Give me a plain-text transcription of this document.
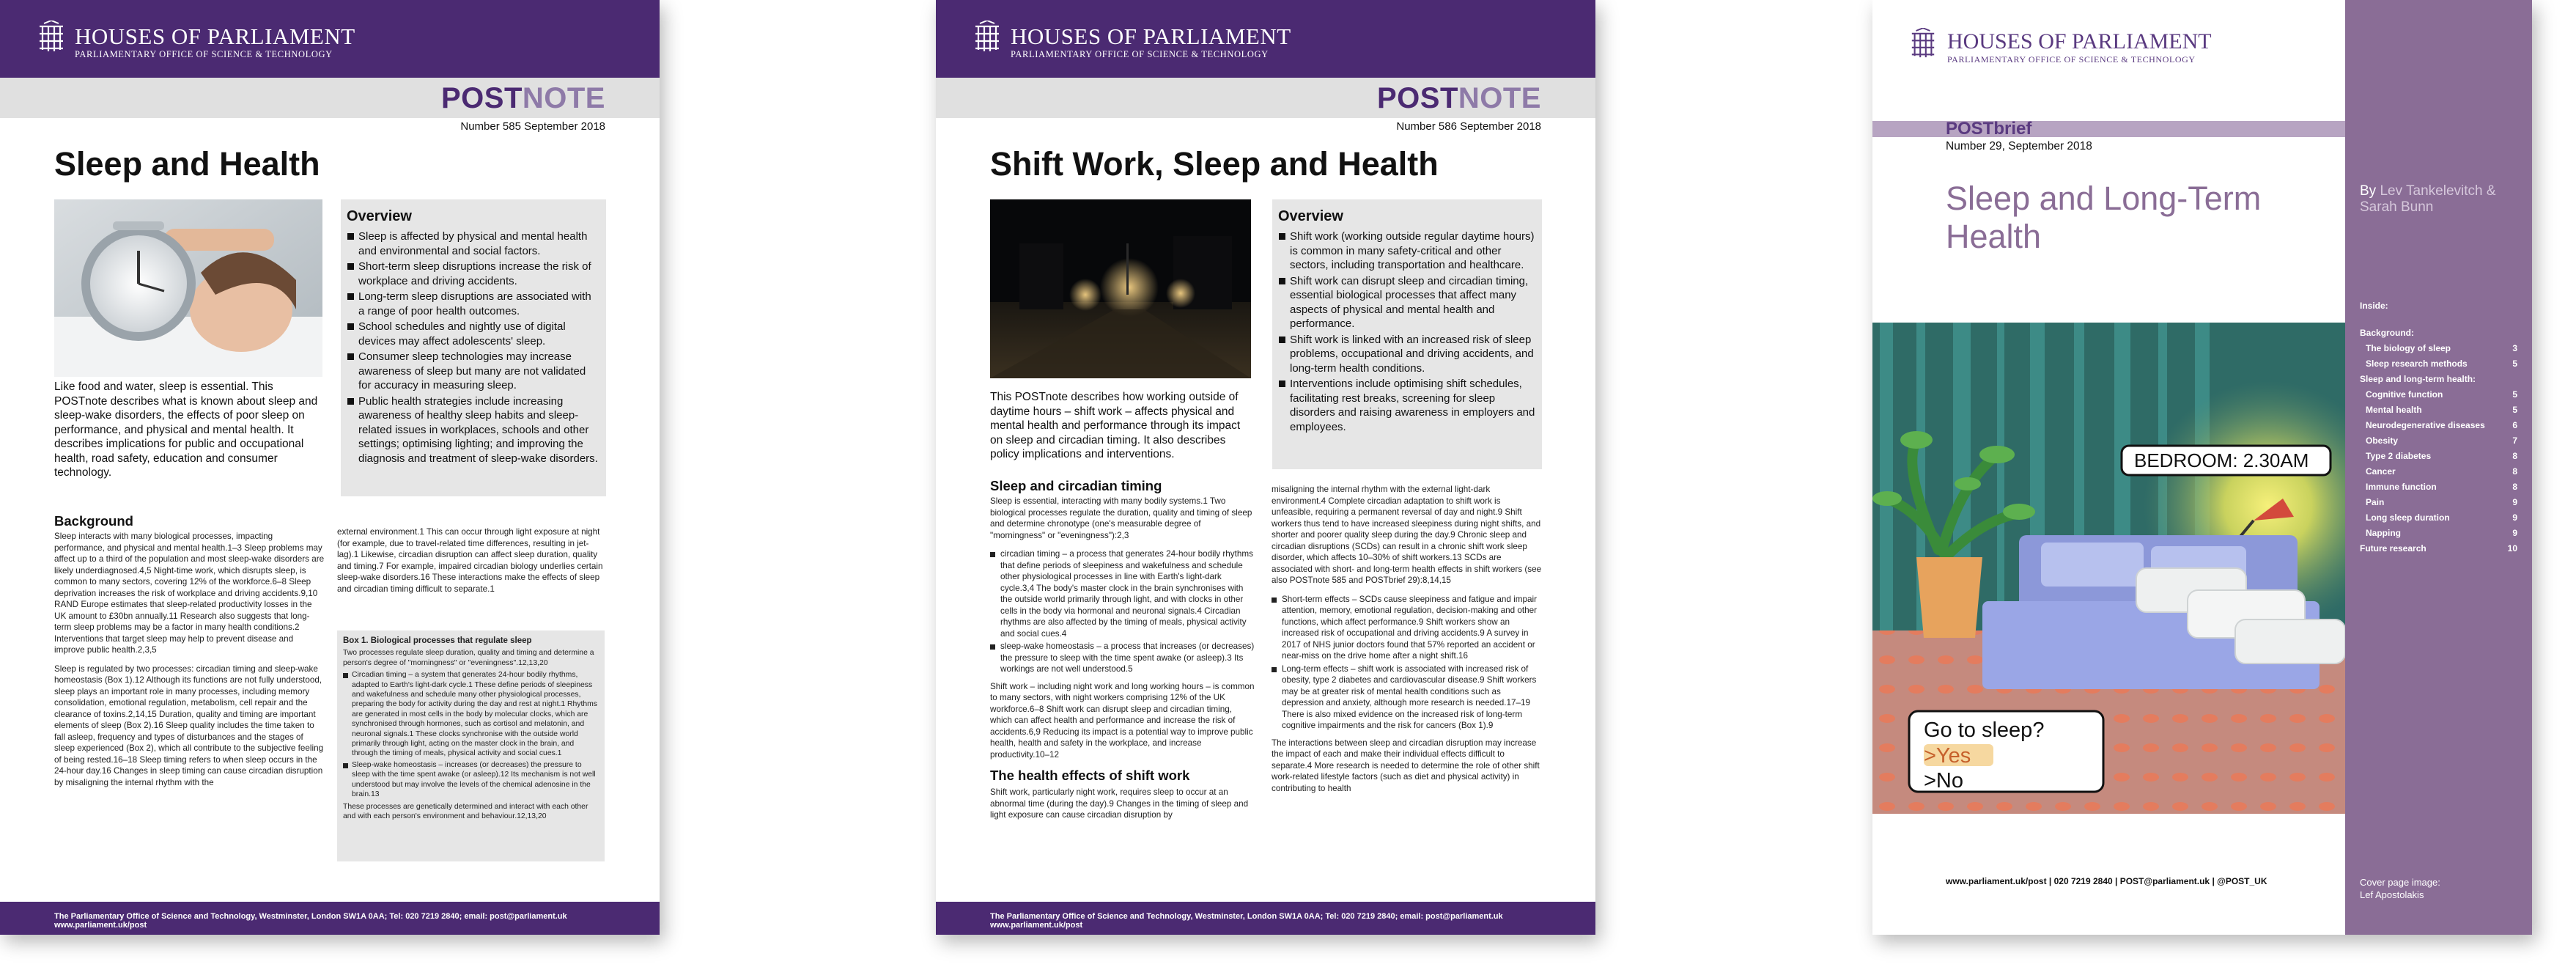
HOUSES OF PARLIAMENT
PARLIAMENTARY OFFICE OF SCIENCE & TECHNOLOGY
POSTNOTE
Number 585 September 2018
Sleep and Health
Overview
Sleep is affected by physical and mental health and environmental and social factors.
Short-term sleep disruptions increase the risk of workplace and driving accidents.
Long-term sleep disruptions are associated with a range of poor health outcomes.
School schedules and nightly use of digital devices may affect adolescents' sleep.
Consumer sleep technologies may increase awareness of sleep but many are not validated for accuracy in measuring sleep.
Public health strategies include increasing awareness of healthy sleep habits and sleep-related issues in workplaces, schools and other settings; optimising lighting; and improving the diagnosis and treatment of sleep-wake disorders.
Like food and water, sleep is essential. This POSTnote describes what is known about sleep and sleep-wake disorders, the effects of poor sleep on performance, and physical and mental health. It describes implications for public and occupational health, road safety, education and consumer technology.
Background

Sleep interacts with many biological processes, impacting performance, and physical and mental health.1–3 Sleep problems may affect up to a third of the population and most sleep-wake disorders are likely underdiagnosed.4,5 Night-time work, which disrupts sleep, is common to many sectors, covering 12% of the workforce.6–8 Sleep deprivation increases the risk of workplace and driving accidents.9,10 RAND Europe estimates that sleep-related productivity losses in the UK amount to £30bn annually.11 Research also suggests that long-term sleep problems may be a factor in many health conditions.2 Interventions that target sleep may help to prevent disease and improve public health.2,3,5

Sleep is regulated by two processes: circadian timing and sleep-wake homeostasis (Box 1).12 Although its functions are not fully understood, sleep plays an important role in many processes, including memory consolidation, emotional regulation, metabolism, cell repair and the clearance of toxins.2,14,15 Duration, quality and timing are important elements of sleep (Box 2).16 Sleep quality includes the time taken to fall asleep, frequency and types of disturbances and the stages of sleep experienced (Box 2), which all contribute to the subjective feeling of being rested.16–18 Sleep timing refers to when sleep occurs in the 24-hour day.16 Changes in sleep timing can cause circadian disruption by misaligning the internal rhythm with the

external environment.1 This can occur through light exposure at night (for example, due to travel-related time differences, resulting in jet-lag).1 Likewise, circadian disruption can affect sleep duration, quality and timing.7 For example, impaired circadian biology underlies certain sleep-wake disorders.16 These interactions make the effects of sleep and circadian timing difficult to separate.1

Box 1. Biological processes that regulate sleep
Two processes regulate sleep duration, quality and timing and determine a person's degree of "morningness" or "eveningness".12,13,20
Circadian timing – a system that generates 24-hour bodily rhythms, adapted to Earth's light-dark cycle.1 These define periods of sleepiness and wakefulness and schedule many other physiological processes, preparing the body for activity during the day and rest at night.1 Rhythms are generated in most cells in the body by molecular clocks, which are synchronised through hormones, such as cortisol and melatonin, and neuronal signals.1 These clocks synchronise with the outside world primarily through light, acting on the master clock in the brain, and through the timing of meals, physical activity and social cues.1
Sleep-wake homeostasis – increases (or decreases) the pressure to sleep with the time spent awake (or asleep).12 Its mechanism is not well understood but may involve the levels of the chemical adenosine in the brain.13
These processes are genetically determined and interact with each other and with each person's environment and behaviour.12,13,20
The Parliamentary Office of Science and Technology, Westminster, London SW1A 0AA; Tel: 020 7219 2840; email: post@parliament.uk www.parliament.uk/post
HOUSES OF PARLIAMENT
PARLIAMENTARY OFFICE OF SCIENCE & TECHNOLOGY
POSTNOTE
Number 586 September 2018
Shift Work, Sleep and Health
Overview
Shift work (working outside regular daytime hours) is common in many safety-critical and other sectors, including transportation and healthcare.
Shift work can disrupt sleep and circadian timing, essential biological processes that affect many aspects of physical and mental health and performance.
Shift work is linked with an increased risk of sleep problems, occupational and driving accidents, and long-term health conditions.
Interventions include optimising shift schedules, facilitating rest breaks, screening for sleep disorders and raising awareness in employers and employees.
This POSTnote describes how working outside of daytime hours – shift work – affects physical and mental health and performance through its impact on sleep and circadian timing. It also describes policy implications and interventions.
Sleep and circadian timing

Sleep is essential, interacting with many bodily systems.1 Two biological processes regulate the duration, quality and timing of sleep and determine chronotype (one's measurable degree of "morningness" or "eveningness"):2,3

circadian timing – a process that generates 24-hour bodily rhythms that define periods of sleepiness and wakefulness and schedule other physiological processes in line with Earth's light-dark cycle.3,4 The body's master clock in the brain synchronises with the outside world primarily through light, and with clocks in other cells in the body via hormonal and neuronal signals.4 Circadian rhythms are also affected by the timing of meals, physical activity and social cues.4
sleep-wake homeostasis – a process that increases (or decreases) the pressure to sleep with the time spent awake (or asleep).3 Its workings are not well understood.5

Shift work – including night work and long working hours – is common to many sectors, with night workers comprising 12% of the UK workforce.6–8 Shift work can disrupt sleep and circadian timing, which can affect health and performance and increase the risk of accidents.6,9 Reducing its impact is a potential way to improve public health, health and safety in the workplace, and increase productivity.10–12

The health effects of shift work

Shift work, particularly night work, requires sleep to occur at an abnormal time (during the day).9 Changes in the timing of sleep and light exposure can cause circadian disruption by

misaligning the internal rhythm with the external light-dark environment.4 Complete circadian adaptation to shift work is unfeasible, requiring a permanent reversal of day and night.9 Shift workers thus tend to have increased sleepiness during night shifts, and shorter and poorer quality sleep during the day.9 Chronic sleep and circadian disruptions (SCDs) can result in a chronic shift work sleep disorder, which affects 10–30% of shift workers.13 SCDs are associated with short- and long-term health effects in shift workers (see also POSTnote 585 and POSTbrief 29):8,14,15

Short-term effects – SCDs cause sleepiness and fatigue and impair attention, memory, emotional regulation, decision-making and other functions, which affect performance.9 Shift workers show an increased risk of occupational and driving accidents.9 A survey in 2017 of NHS junior doctors found that 57% reported an accident or near-miss on the drive home after a night shift.16
Long-term effects – shift work is associated with increased risk of obesity, type 2 diabetes and cardiovascular disease.9 Shift workers may be at greater risk of mental health conditions such as depression and anxiety, although more research is needed.17–19 There is also mixed evidence on the increased risk of long-term cognitive impairments and the risk for cancers (Box 1).9

The interactions between sleep and circadian disruption may increase the impact of each and make their individual effects difficult to separate.4 More research is needed to determine the role of other shift work-related lifestyle factors (such as diet and physical activity) in contributing to health

The Parliamentary Office of Science and Technology, Westminster, London SW1A 0AA; Tel: 020 7219 2840; email: post@parliament.uk www.parliament.uk/post
HOUSES OF PARLIAMENT
PARLIAMENTARY OFFICE OF SCIENCE & TECHNOLOGY
POSTbrief
Number 29, September 2018
Sleep and Long-Term Health
By Lev Tankelevitch & Sarah Bunn
Inside:
Background:
The biology of sleep	3
Sleep research methods	5
Sleep and long-term health:
Cognitive function	5
Mental health	5
Neurodegenerative diseases	6
Obesity	7
Type 2 diabetes	8
Cancer	8
Immune function	8
Pain	9
Long sleep duration	9
Napping	9
Future research	10
BEDROOM: 2.30AM
Go to sleep?
>Yes
>No
www.parliament.uk/post | 020 7219 2840 | POST@parliament.uk | @POST_UK	Cover page image:
Lef Apostolakis
